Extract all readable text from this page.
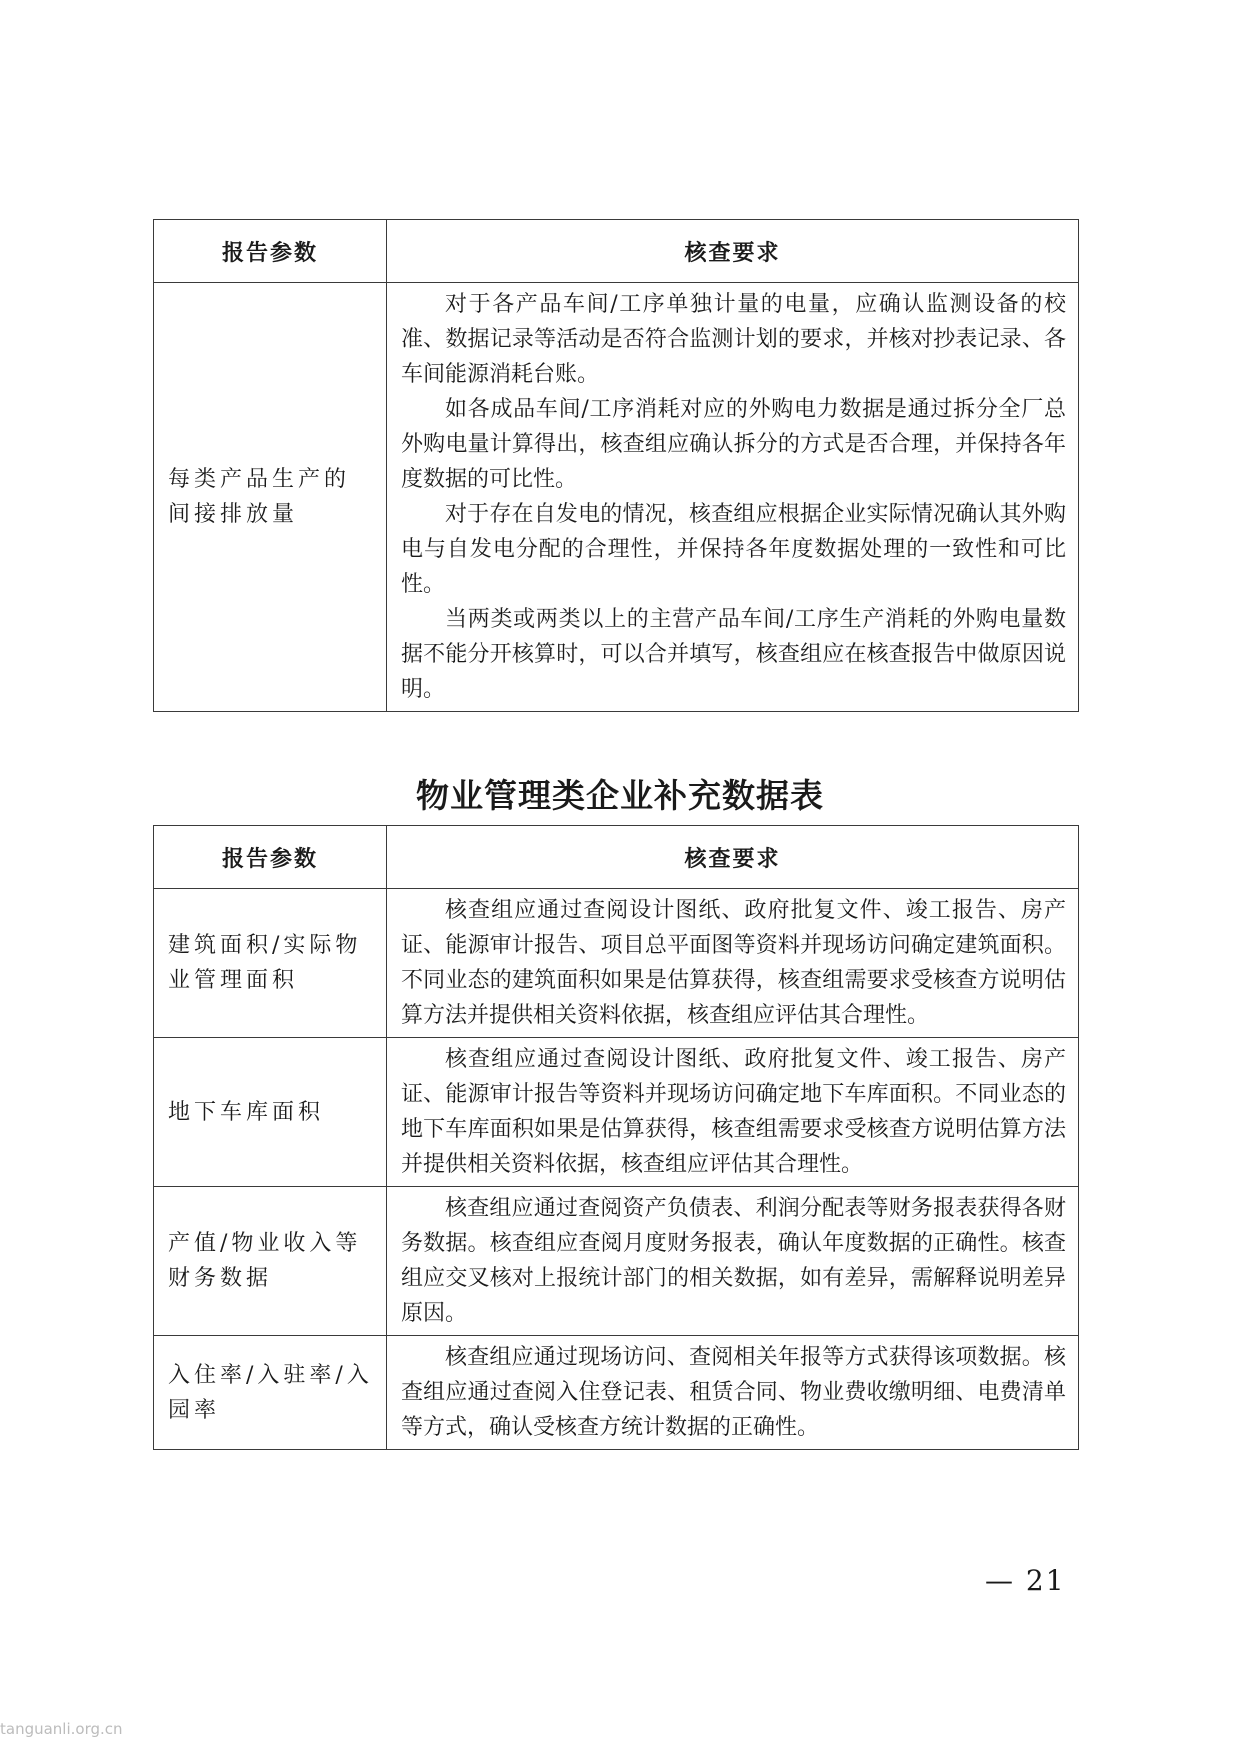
报告参数	核查要求
每类产品生产的间接排放量	对于各产品车间/工序单独计量的电量，应确认监测设备的校准、数据记录等活动是否符合监测计划的要求，并核对抄表记录、各车间能源消耗台账。

如各成品车间/工序消耗对应的外购电力数据是通过拆分全厂总外购电量计算得出，核查组应确认拆分的方式是否合理，并保持各年度数据的可比性。

对于存在自发电的情况，核查组应根据企业实际情况确认其外购电与自发电分配的合理性，并保持各年度数据处理的一致性和可比性。

当两类或两类以上的主营产品车间/工序生产消耗的外购电量数据不能分开核算时，可以合并填写，核查组应在核查报告中做原因说明。

物业管理类企业补充数据表
报告参数	核查要求
建筑面积/实际物业管理面积	核查组应通过查阅设计图纸、政府批复文件、竣工报告、房产证、能源审计报告、项目总平面图等资料并现场访问确定建筑面积。不同业态的建筑面积如果是估算获得，核查组需要求受核查方说明估算方法并提供相关资料依据，核查组应评估其合理性。

地下车库面积	核查组应通过查阅设计图纸、政府批复文件、竣工报告、房产证、能源审计报告等资料并现场访问确定地下车库面积。不同业态的地下车库面积如果是估算获得，核查组需要求受核查方说明估算方法并提供相关资料依据，核查组应评估其合理性。

产值/物业收入等财务数据	核查组应通过查阅资产负债表、利润分配表等财务报表获得各财务数据。核查组应查阅月度财务报表，确认年度数据的正确性。核查组应交叉核对上报统计部门的相关数据，如有差异，需解释说明差异原因。

入住率/入驻率/入园率	核查组应通过现场访问、查阅相关年报等方式获得该项数据。核查组应通过查阅入住登记表、租赁合同、物业费收缴明细、电费清单等方式，确认受核查方统计数据的正确性。

— 21
tanguanli.org.cn
